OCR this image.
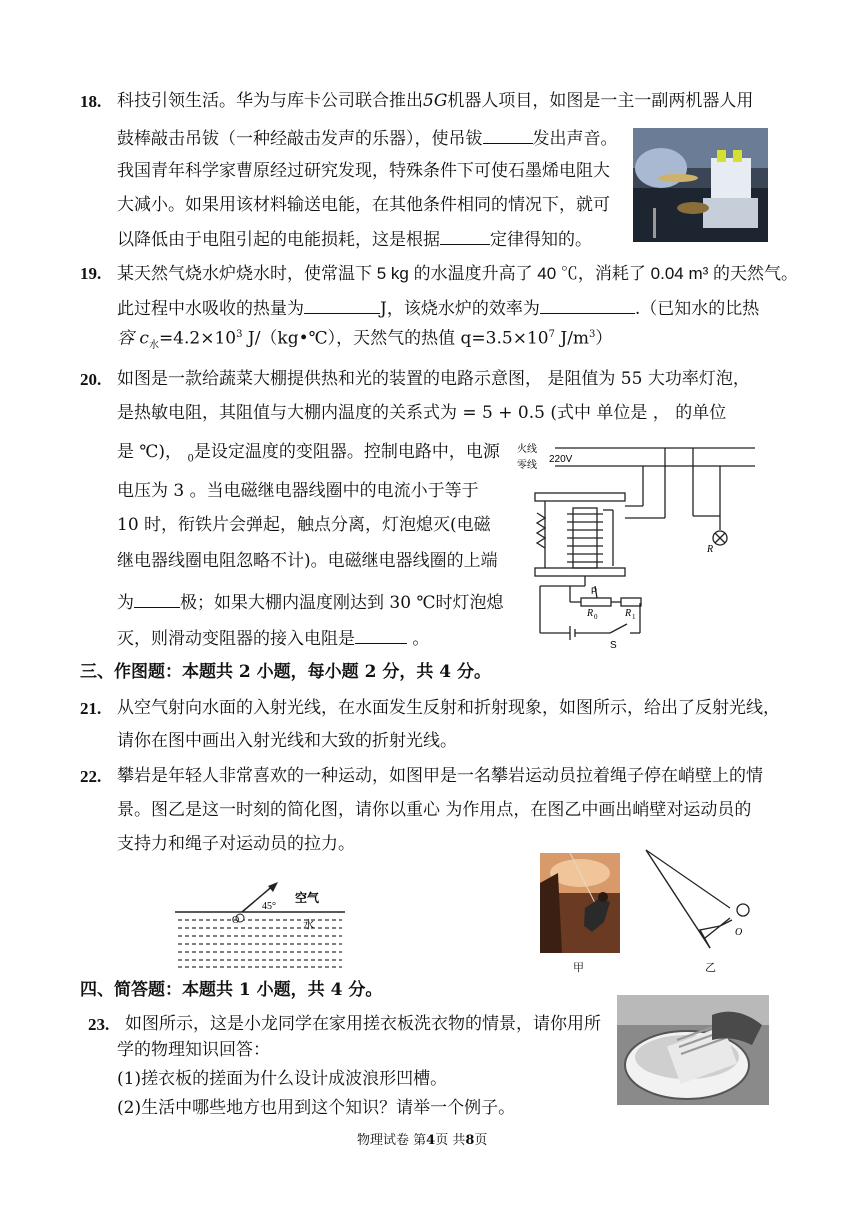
18. 科技引领生活。华为与库卡公司联合推出5G机器人项目，如图是一主一副两机器人用
鼓棒敲击吊钹（一种经敲击发声的乐器），使吊钹	发出声音。
我国青年科学家曹原经过研究发现，特殊条件下可使石墨烯电阻大
大减小。如果用该材料输送电能，在其他条件相同的情况下，就可
以降低由于电阻引起的电能损耗，这是根据	定律得知的。
19. 某天然气烧水炉烧水时，使常温下 5 kg 的水温度升高了 40 ℃，消耗了 0.04 m³ 的天然气。
此过程中水吸收的热量为	J，该烧水炉的效率为	.（已知水的比热
容 $c_水=4.2\times 10^3$ J/（kg•℃），天然气的热值 $q=3.5\times 10^7$ $J/m^3$）
20. 如图是一款给蔬菜大棚提供热和光的装置的电路示意图， 是阻值为 55 大功率灯泡，
是热敏电阻，其阻值与大棚内温度的关系式为 = 5 + 0.5 (式中 单位是 ， 的单位
是 ℃)， $_0$是设定温度的变阻器。控制电路中，电源
电压为 3 。当电磁继电器线圈中的电流小于等于
10 时，衔铁片会弹起，触点分离，灯泡熄灭(电磁
继电器线圈电阻忽略不计)。电磁继电器线圈的上端
为	极；如果大棚内温度刚达到 30 ℃时灯泡熄
灭，则滑动变阻器的接入电阻是	。
火线
零线
220V
P
R 0	R 1
R
S
三、作图题：本题共 2 小题，每小题 2 分，共 4 分。
21. 从空气射向水面的入射光线，在水面发生反射和折射现象，如图所示，给出了反射光线，
请你在图中画出入射光线和大致的折射光线。
22. 攀岩是年轻人非常喜欢的一种运动，如图甲是一名攀岩运动员拉着绳子停在峭壁上的情
景。图乙是这一时刻的简化图，请你以重心 为作用点，在图乙中画出峭壁对运动员的
支持力和绳子对运动员的拉力。
45°
空气
水
O
甲
O
乙
四、简答题：本题共 1 小题，共 4 分。
23. 如图所示，这是小龙同学在家用搓衣板洗衣物的情景，请你用所
学的物理知识回答：
(1)搓衣板的搓面为什么设计成波浪形凹槽。
(2)生活中哪些地方也用到这个知识？请举一个例子。
物理试卷 第4页 共8页
